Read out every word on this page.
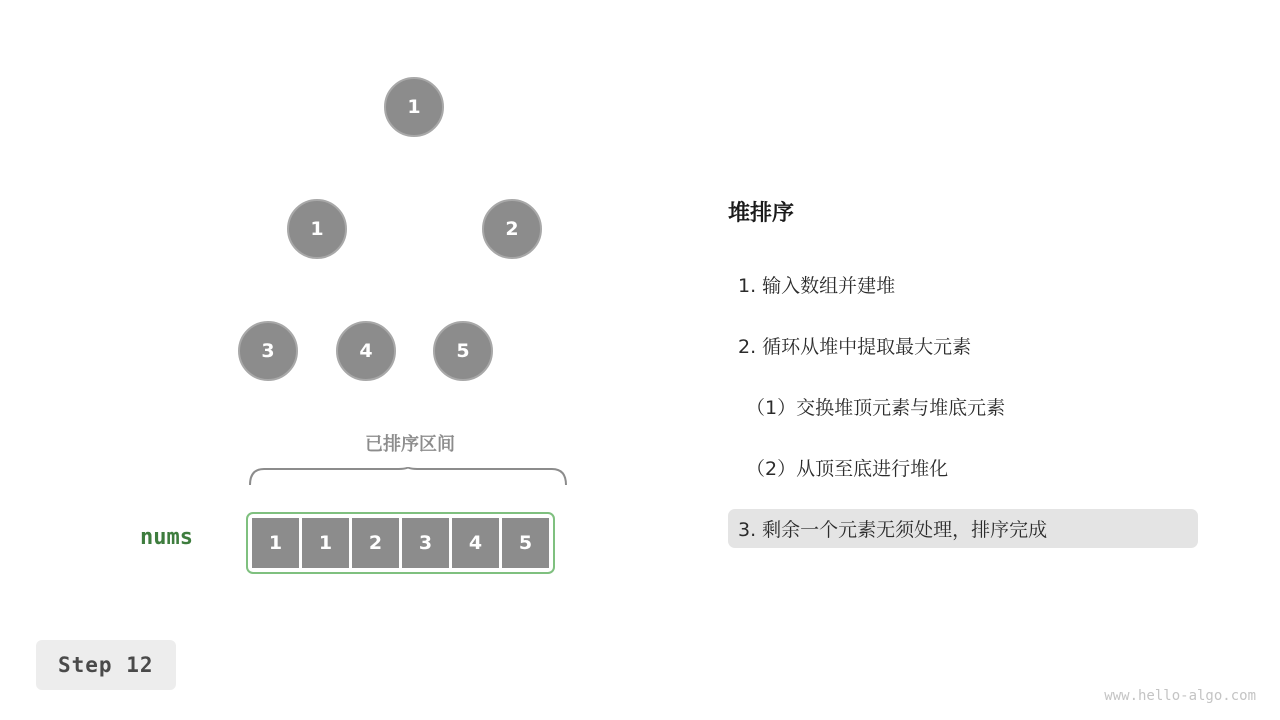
1
1	2
3	4	5
已排序区间
nums	1	1	2	3	4	5
Step 12
堆排序
1. 输入数组并建堆
2. 循环从堆中提取最大元素
（1）交换堆顶元素与堆底元素
（2）从顶至底进行堆化
3. 剩余一个元素无须处理，排序完成
www.hello-algo.com
